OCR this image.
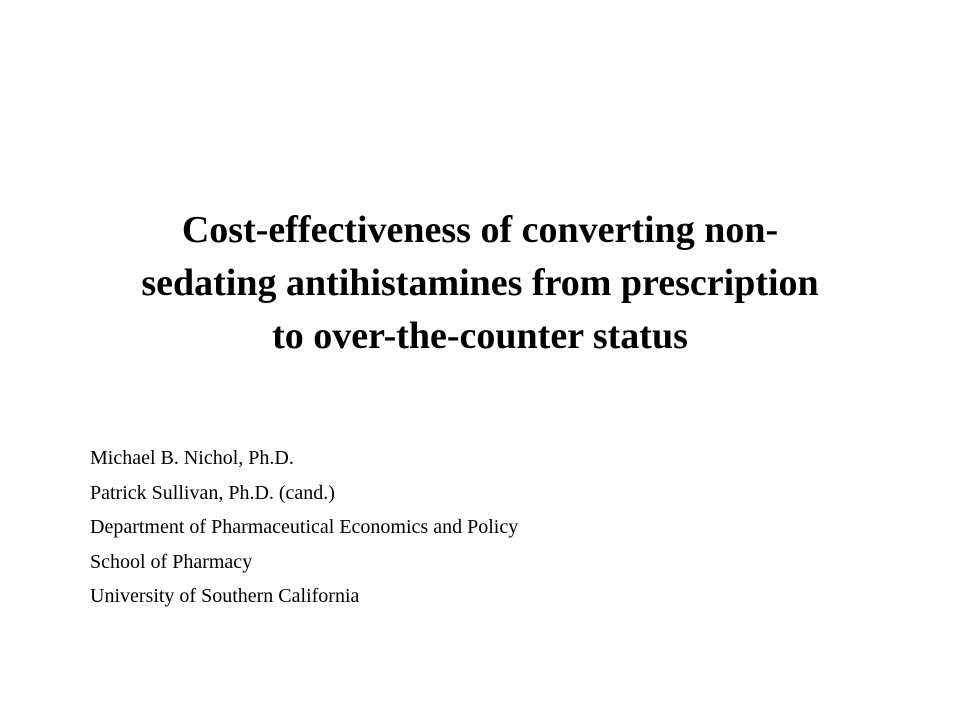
Cost-effectiveness of converting non-
sedating antihistamines from prescription
to over-the-counter status
Michael B. Nichol, Ph.D.
Patrick Sullivan, Ph.D. (cand.)
Department of Pharmaceutical Economics and Policy
School of Pharmacy
University of Southern California
